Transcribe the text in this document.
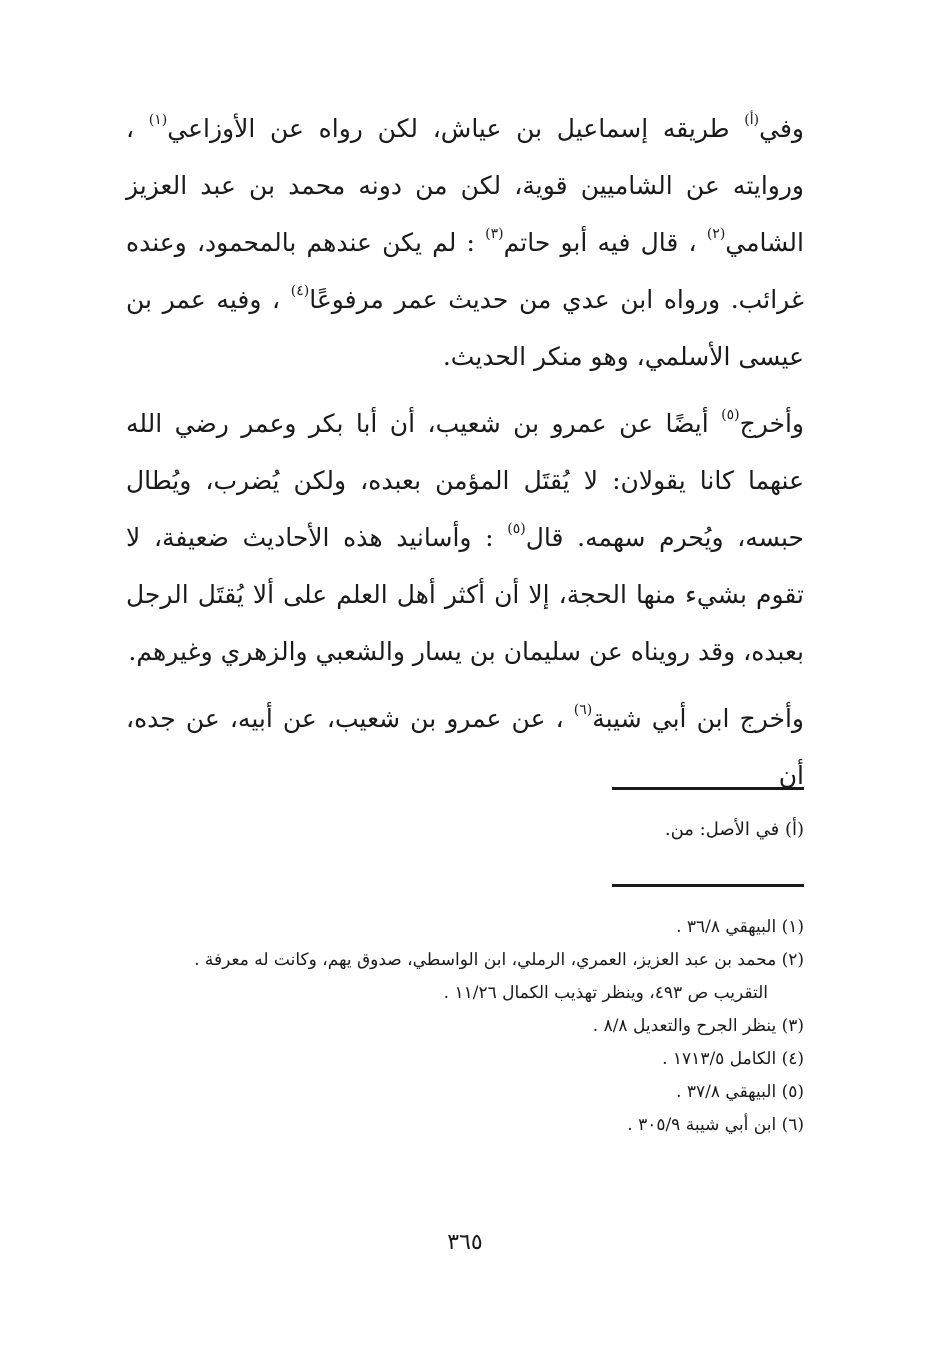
وفي$^{(أ)}$ طريقه إسماعيل بن عياش، لكن رواه عن الأوزاعي$^{(١)}$ ، وروايته عن الشاميين قوية، لكن من دونه محمد بن عبد العزيز الشامي$^{(٢)}$ ، قال فيه أبو حاتم$^{(٣)}$ : لم يكن عندهم بالمحمود، وعنده غرائب. ورواه ابن عدي من حديث عمر مرفوعًا$^{(٤)}$ ، وفيه عمر بن عيسى الأسلمي، وهو منكر الحديث.

وأخرج$^{(٥)}$ أيضًا عن عمرو بن شعيب، أن أبا بكر وعمر رضي الله عنهما كانا يقولان: لا يُقتَل المؤمن بعبده، ولكن يُضرب، ويُطال حبسه، ويُحرم سهمه. قال$^{(٥)}$ : وأسانيد هذه الأحاديث ضعيفة، لا تقوم بشيء منها الحجة، إلا أن أكثر أهل العلم على ألا يُقتَل الرجل بعبده، وقد رويناه عن سليمان بن يسار والشعبي والزهري وغيرهم.

وأخرج ابن أبي شيبة$^{(٦)}$ ، عن عمرو بن شعيب، عن أبيه، عن جده، أن

(أ) في الأصل: من.
(١) البيهقي ٣٦/٨ .
(٢) محمد بن عبد العزيز، العمري، الرملي، ابن الواسطي، صدوق يهم، وكانت له معرفة .
التقريب ص ٤٩٣، وينظر تهذيب الكمال ١١/٢٦ .
(٣) ينظر الجرح والتعديل ٨/٨ .
(٤) الكامل ١٧١٣/٥ .
(٥) البيهقي ٣٧/٨ .
(٦) ابن أبي شيبة ٣٠٥/٩ .
٣٦٥
